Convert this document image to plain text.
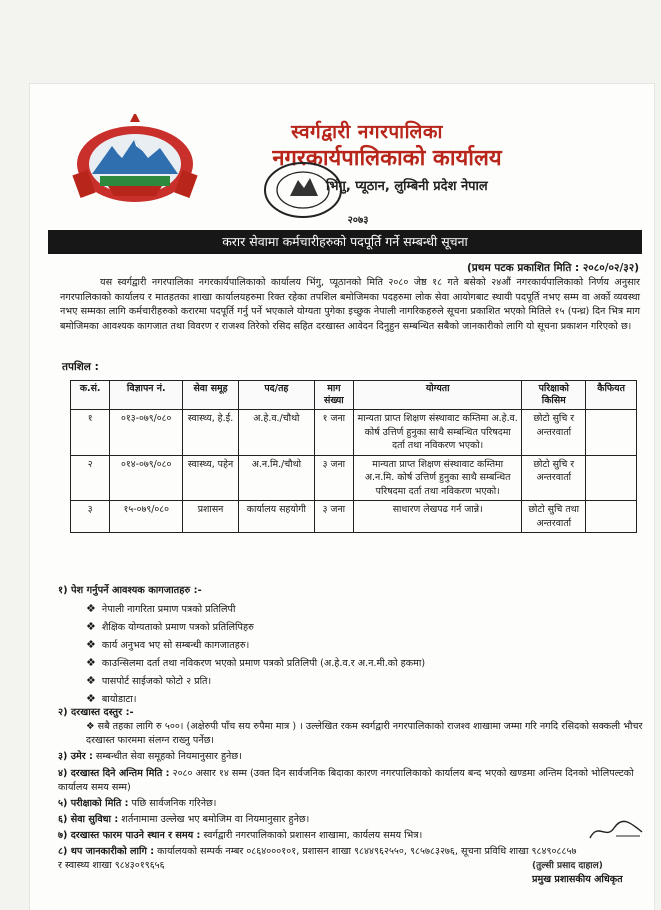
स्वर्गद्वारी नगरपालिका
नगरकार्यपालिकाको कार्यालय
भिंगु, प्यूठान, लुम्बिनी प्रदेश नेपाल
२०७३
करार सेवामा कर्मचारीहरुको पदपूर्ति गर्ने सम्बन्धी सूचना
(प्रथम पटक प्रकाशित मिति : २०८०/०२/३२)
यस स्वर्गद्वारी नगरपालिका नगरकार्यपालिकाको कार्यालय भिंगु, प्यूठानको मिति २०८० जेष्ठ १८ गते बसेको २४औं नगरकार्यपालिकाको निर्णय अनुसार नगरपालिकाको कार्यालय र मातहतका शाखा कार्यालयहरुमा रिक्त रहेका तपशिल बमोजिमका पदहरुमा लोक सेवा आयोगबाट स्थायी पदपूर्ति नभए सम्म वा अर्को व्यवस्था नभए सम्मका लागि कर्मचारीहरुको करारमा पदपूर्ति गर्नु पर्ने भएकाले योग्यता पुगेका इच्छुक नेपाली नागरिकहरुले सूचना प्रकाशित भएको मितिले १५ (पन्ध्र) दिन भित्र माग बमोजिमका आवश्यक कागजात तथा विवरण र राजश्व तिरेको रसिद सहित दरखास्त आवेदन दिनुहुन सम्बन्धित सबैको जानकारीको लागि यो सूचना प्रकाशन गरिएको छ।
तपशिल :
क.सं.	विज्ञापन नं.	सेवा समूह	पद/तह	माग संख्या	योग्यता	परिक्षाको किसिम	कैफियत
१	०१३-०७९/०८०	स्वास्थ्य, हे.ई.	अ.हे.व./चौथो	१ जना	मान्यता प्राप्त शिक्षण संस्थावाट कम्तिमा अ.हे.व. कोर्ष उत्तिर्ण हुनुका साथै सम्बन्धित परिषदमा दर्ता तथा नविकरण भएको।	छोटो सुचि र अन्तरवार्ता	
२	०१४-०७९/०८०	स्वास्थ्य, पहेन	अ.न.मि./चौथो	३ जना	मान्यता प्राप्त शिक्षण संस्थावाट कम्तिमा अ.न.मि. कोर्ष उत्तिर्ण हुनुका साथै सम्बन्धित परिषदमा दर्ता तथा नविकरण भएको।	छोटो सुचि र अन्तरवार्ता	
३	१५-०७९/०८०	प्रशासन	कार्यालय सहयोगी	३ जना	साधारण लेखपढ गर्न जान्ने।	छोटो सुचि तथा अन्तरवार्ता	
१) पेश गर्नुपर्ने आवश्यक कागजातहरु :-
❖ नेपाली नागरिता प्रमाण पत्रको प्रतिलिपी
❖ शैक्षिक योग्यताको प्रमाण पत्रको प्रतिलिपिहरु
❖ कार्य अनुभव भए सो सम्बन्धी कागजातहरु।
❖ काउन्सिलमा दर्ता तथा नविकरण भएको प्रमाण पत्रको प्रतिलिपी (अ.हे.व.र अ.न.मी.को हकमा)
❖ पासपोर्ट साईजको फोटो २ प्रति।
❖ बायोडाटा।
२) दरखास्त दस्तुर :-
❖ सबै तहका लागि रु ५००। (अक्षेरुपी पाँच सय रुपैमा मात्र ) । उल्लेखित रकम स्वर्गद्वारी नगरपालिकाको राजश्व शाखामा जम्मा गरि नगदि रसिदको सक्कली भौचर दरखास्त फारममा संलग्न राख्नु पर्नेछ।
३) उमेर : सम्बन्धीत सेवा समूहको नियमानुसार हुनेछ।
४) दरखास्त दिने अन्तिम मिति : २०८० असार १४ सम्म (उक्त दिन सार्वजनिक बिदाका कारण नगरपालिकाको कार्यालय बन्द भएको खण्डमा अन्तिम दिनको भोलिपल्टको कार्यालय समय सम्म)
५) परीक्षाको मिति : पछि सार्वजनिक गरिनेछ।
६) सेवा सुविधा : शर्तनामामा उल्लेख भए बमोजिम वा नियमानुसार हुनेछ।
७) दरखास्त फारम पाउने स्थान र समय : स्वर्गद्वारी नगरपालिकाको प्रशासन शाखामा, कार्यलय समय भित्र।
८) थप जानकारीको लागि : कार्यालयको सम्पर्क नम्बर ०८६४०००१०१, प्रशासन शाखा ९८४४९६२५५०, ९८५७८३२७६, सूचना प्रविधि शाखा ९८४९०८८५७ र स्वास्थ्य शाखा ९८४३०१९६५६	(तुल्सी प्रसाद दाहाल)
प्रमुख प्रशासकीय अधिकृत
